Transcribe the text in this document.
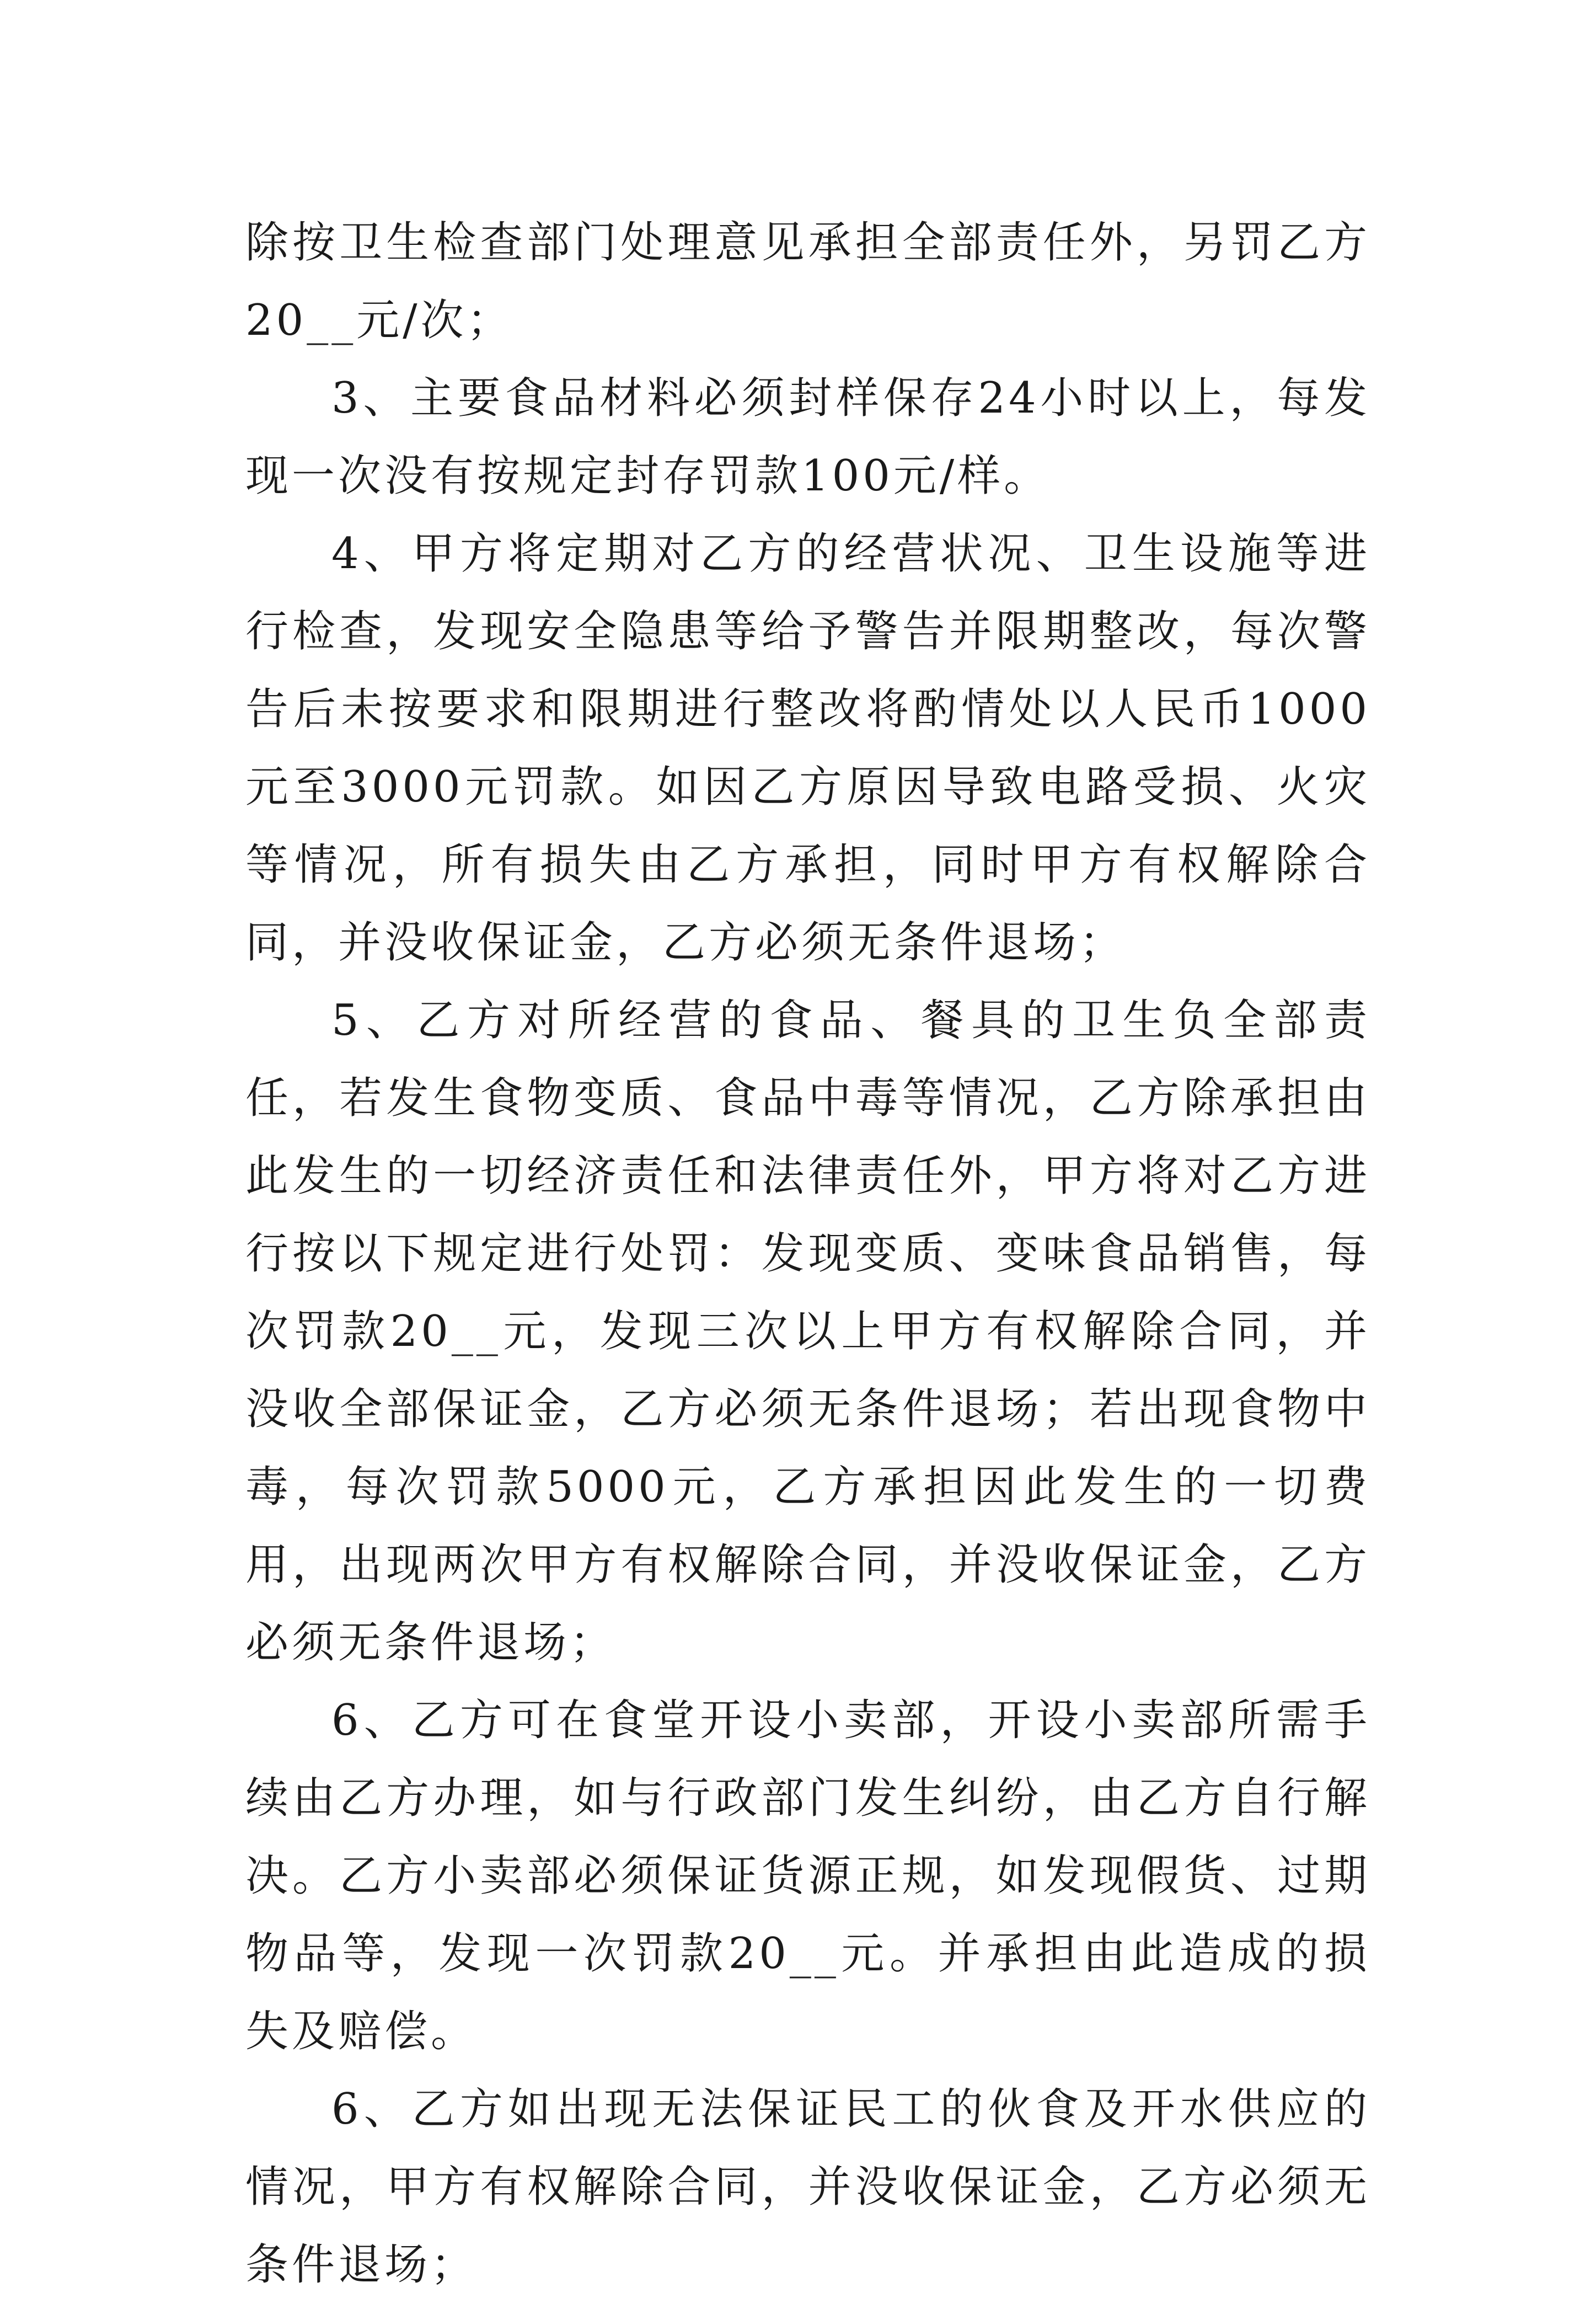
除按卫生检查部门处理意见承担全部责任外，另罚乙方20__元/次；

3、主要食品材料必须封样保存24小时以上，每发现一次没有按规定封存罚款100元/样。

4、甲方将定期对乙方的经营状况、卫生设施等进行检查，发现安全隐患等给予警告并限期整改，每次警告后未按要求和限期进行整改将酌情处以人民币1000元至3000元罚款。如因乙方原因导致电路受损、火灾等情况，所有损失由乙方承担，同时甲方有权解除合同，并没收保证金，乙方必须无条件退场；

5、乙方对所经营的食品、餐具的卫生负全部责任，若发生食物变质、食品中毒等情况，乙方除承担由此发生的一切经济责任和法律责任外，甲方将对乙方进行按以下规定进行处罚：发现变质、变味食品销售，每次罚款20__元，发现三次以上甲方有权解除合同，并没收全部保证金，乙方必须无条件退场；若出现食物中毒，每次罚款5000元，乙方承担因此发生的一切费用，出现两次甲方有权解除合同，并没收保证金，乙方必须无条件退场；

6、乙方可在食堂开设小卖部，开设小卖部所需手续由乙方办理，如与行政部门发生纠纷，由乙方自行解决。乙方小卖部必须保证货源正规，如发现假货、过期物品等，发现一次罚款20__元。并承担由此造成的损失及赔偿。

6、乙方如出现无法保证民工的伙食及开水供应的情况，甲方有权解除合同，并没收保证金，乙方必须无条件退场；
